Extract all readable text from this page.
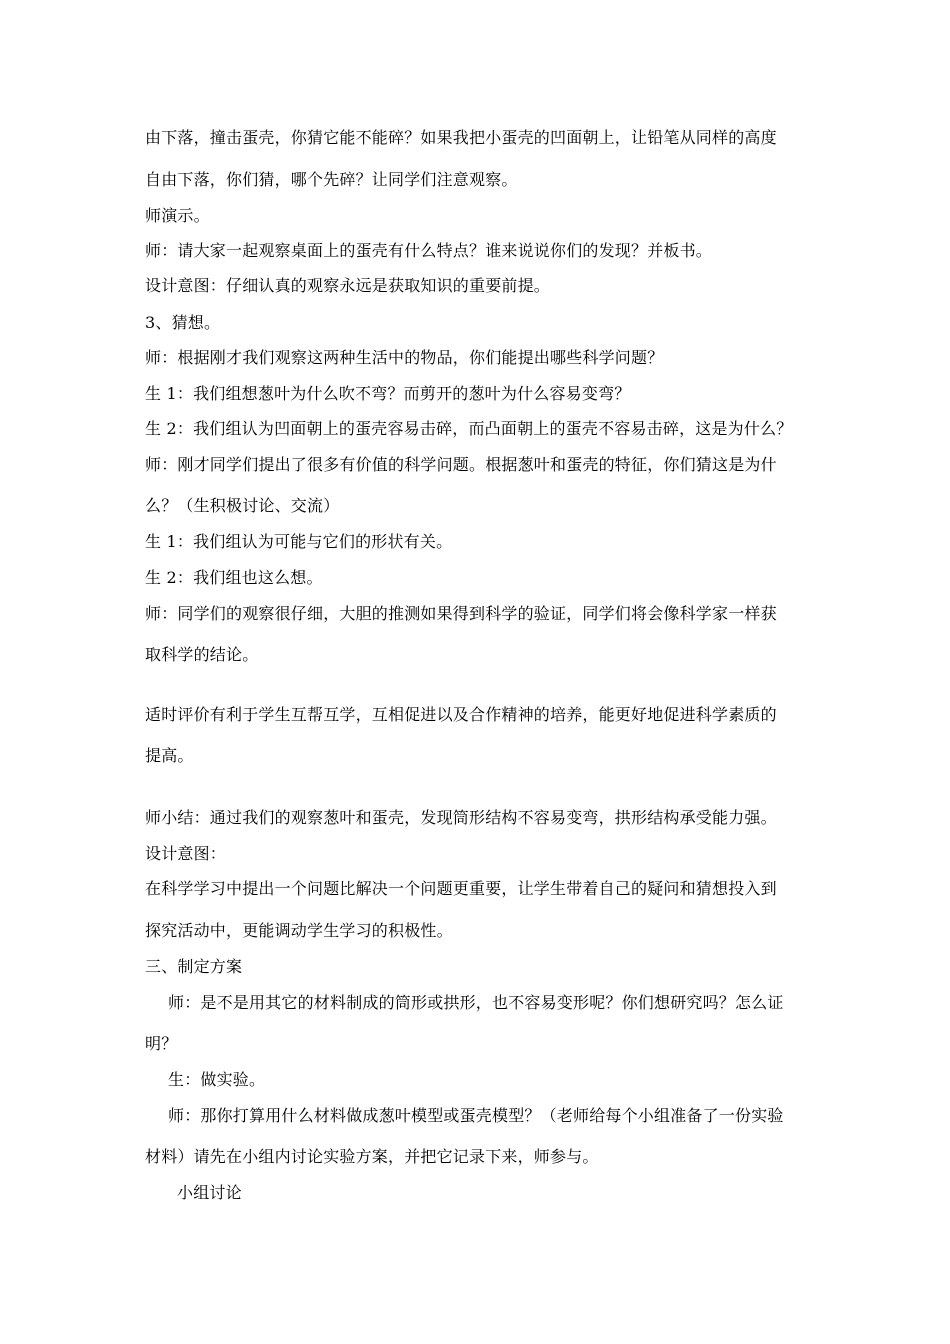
由下落，撞击蛋壳，你猜它能不能碎？如果我把小蛋壳的凹面朝上，让铅笔从同样的高度
自由下落，你们猜，哪个先碎？让同学们注意观察。
师演示。
师：请大家一起观察桌面上的蛋壳有什么特点？谁来说说你们的发现？并板书。
设计意图：仔细认真的观察永远是获取知识的重要前提。
3、猜想。
师：根据刚才我们观察这两种生活中的物品，你们能提出哪些科学问题？
生 1：我们组想葱叶为什么吹不弯？而剪开的葱叶为什么容易变弯？
生 2：我们组认为凹面朝上的蛋壳容易击碎，而凸面朝上的蛋壳不容易击碎，这是为什么？
师：刚才同学们提出了很多有价值的科学问题。根据葱叶和蛋壳的特征，你们猜这是为什
么？（生积极讨论、交流）
生 1：我们组认为可能与它们的形状有关。
生 2：我们组也这么想。
师：同学们的观察很仔细，大胆的推测如果得到科学的验证，同学们将会像科学家一样获
取科学的结论。
适时评价有利于学生互帮互学，互相促进以及合作精神的培养，能更好地促进科学素质的
提高。
师小结：通过我们的观察葱叶和蛋壳，发现筒形结构不容易变弯，拱形结构承受能力强。
设计意图：
在科学学习中提出一个问题比解决一个问题更重要，让学生带着自己的疑问和猜想投入到
探究活动中，更能调动学生学习的积极性。
三、制定方案
师：是不是用其它的材料制成的筒形或拱形，也不容易变形呢？你们想研究吗？怎么证
明？
生：做实验。
师：那你打算用什么材料做成葱叶模型或蛋壳模型？（老师给每个小组准备了一份实验
材料）请先在小组内讨论实验方案，并把它记录下来，师参与。
小组讨论
